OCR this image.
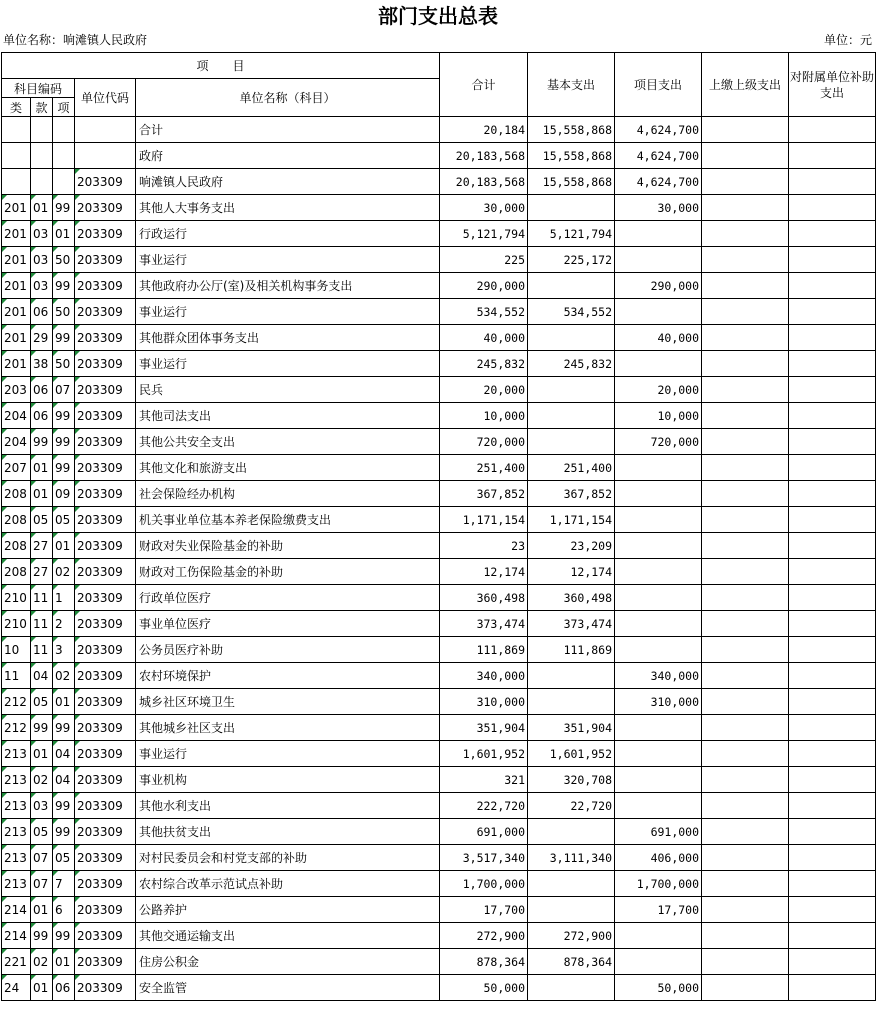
部门支出总表
单位名称：响滩镇人民政府	单位：元
项　　目					合计	基本支出	项目支出	上缴上级支出	对附属单位补助支出
科目编码			单位代码	单位名称（科目）					
类	款	项							
				合计	20,184	15,558,868	4,624,700		
				政府	20,183,568	15,558,868	4,624,700		
			203309	响滩镇人民政府	20,183,568	15,558,868	4,624,700		
201	01	99	203309	其他人大事务支出	30,000		30,000		
201	03	01	203309	行政运行	5,121,794	5,121,794			
201	03	50	203309	事业运行	225	225,172			
201	03	99	203309	其他政府办公厅(室)及相关机构事务支出	290,000		290,000		
201	06	50	203309	事业运行	534,552	534,552			
201	29	99	203309	其他群众团体事务支出	40,000		40,000		
201	38	50	203309	事业运行	245,832	245,832			
203	06	07	203309	民兵	20,000		20,000		
204	06	99	203309	其他司法支出	10,000		10,000		
204	99	99	203309	其他公共安全支出	720,000		720,000		
207	01	99	203309	其他文化和旅游支出	251,400	251,400			
208	01	09	203309	社会保险经办机构	367,852	367,852			
208	05	05	203309	机关事业单位基本养老保险缴费支出	1,171,154	1,171,154			
208	27	01	203309	财政对失业保险基金的补助	23	23,209			
208	27	02	203309	财政对工伤保险基金的补助	12,174	12,174			
210	11	1	203309	行政单位医疗	360,498	360,498			
210	11	2	203309	事业单位医疗	373,474	373,474			
10	11	3	203309	公务员医疗补助	111,869	111,869			
11	04	02	203309	农村环境保护	340,000		340,000		
212	05	01	203309	城乡社区环境卫生	310,000		310,000		
212	99	99	203309	其他城乡社区支出	351,904	351,904			
213	01	04	203309	事业运行	1,601,952	1,601,952			
213	02	04	203309	事业机构	321	320,708			
213	03	99	203309	其他水利支出	222,720	22,720			
213	05	99	203309	其他扶贫支出	691,000		691,000		
213	07	05	203309	对村民委员会和村党支部的补助	3,517,340	3,111,340	406,000		
213	07	7	203309	农村综合改革示范试点补助	1,700,000		1,700,000		
214	01	6	203309	公路养护	17,700		17,700		
214	99	99	203309	其他交通运输支出	272,900	272,900			
221	02	01	203309	住房公积金	878,364	878,364			
24	01	06	203309	安全监管	50,000		50,000		
